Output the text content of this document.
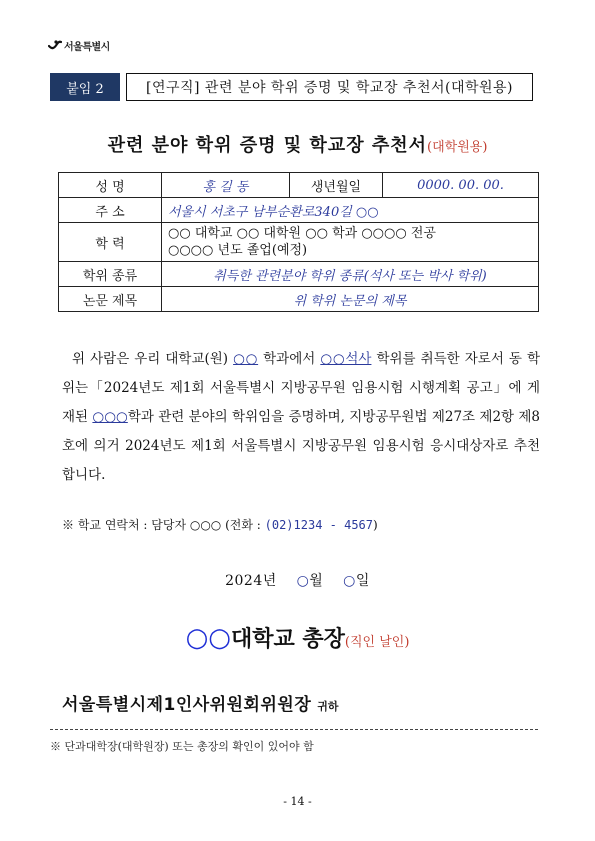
서울특별시
붙임 2	[연구직] 관련 분야 학위 증명 및 학교장 추천서(대학원용)
관련 분야 학위 증명 및 학교장 추천서(대학원용)
성 명	홍 길 동	생년월일	0000. 00. 00.
주 소	서울시 서초구 남부순환로340길 ○○		
학 력	○○ 대학교 ○○ 대학원 ○○ 학과 ○○○○ 전공
○○○○ 년도 졸업(예정)		

학위 종류	취득한 관련분야 학위 종류(석사 또는 박사 학위)		
논문 제목	위 학위 논문의 제목		

위 사람은 우리 대학교(원) ○○ 학과에서 ○○석사 학위를 취득한 자로서 동 학위는「2024년도 제1회 서울특별시 지방공무원 임용시험 시행계획 공고」에 게재된 ○○○학과 관련 분야의 학위임을 증명하며, 지방공무원법 제27조 제2항 제8호에 의거 2024년도 제1회 서울특별시 지방공무원 임용시험 응시대상자로 추천합니다.

※ 학교 연락처 : 담당자 ○○○ (전화 : (02)1234 - 4567)
2024년 ○월 ○일
○○대학교 총장(직인 날인)
서울특별시제1인사위원회위원장 귀하
※ 단과대학장(대학원장) 또는 총장의 확인이 있어야 함
- 14 -
